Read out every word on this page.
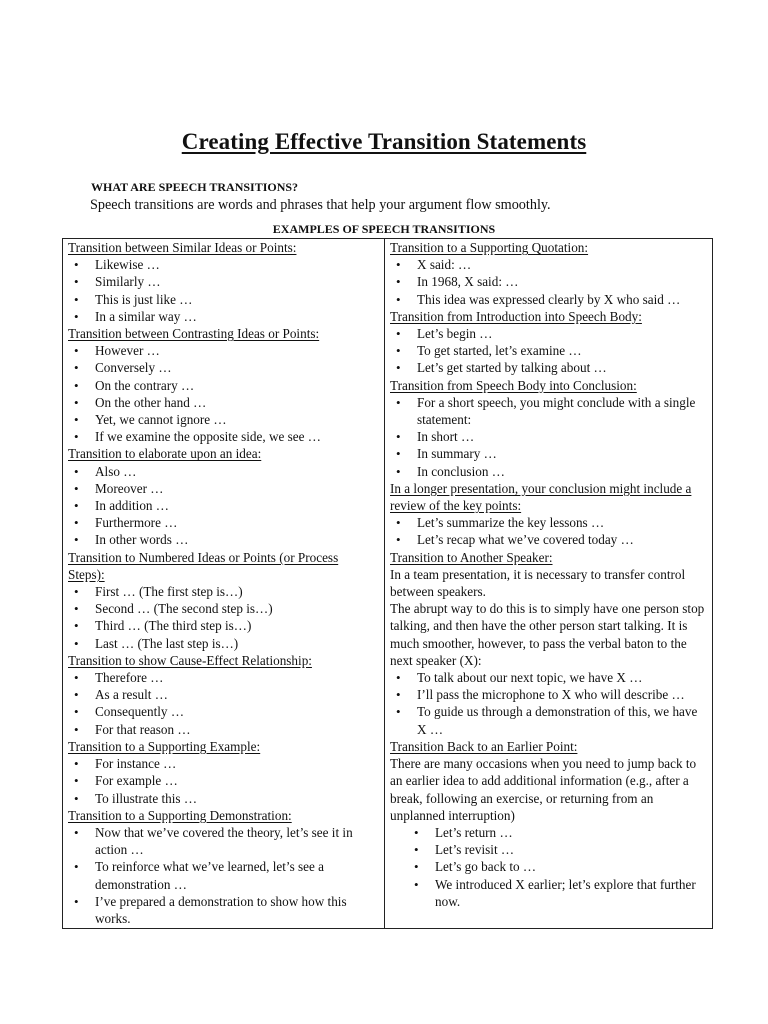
Creating Effective Transition Statements
WHAT ARE SPEECH TRANSITIONS?
Speech transitions are words and phrases that help your argument flow smoothly.
EXAMPLES OF SPEECH TRANSITIONS
Transition between Similar Ideas or Points:
• Likewise …
• Similarly …
• This is just like …
• In a similar way …
Transition between Contrasting Ideas or Points:
• However …
• Conversely …
• On the contrary …
• On the other hand …
• Yet, we cannot ignore …
• If we examine the opposite side, we see …
Transition to elaborate upon an idea:
• Also …
• Moreover …
• In addition …
• Furthermore …
• In other words …
Transition to Numbered Ideas or Points (or Process Steps):
• First … (The first step is…)
• Second … (The second step is…)
• Third … (The third step is…)
• Last … (The last step is…)
Transition to show Cause-Effect Relationship:
• Therefore …
• As a result …
• Consequently …
• For that reason …
Transition to a Supporting Example:
• For instance …
• For example …
• To illustrate this …
Transition to a Supporting Demonstration:
• Now that we’ve covered the theory, let’s see it in action …
• To reinforce what we’ve learned, let’s see a demonstration …
• I’ve prepared a demonstration to show how this works.
Transition to a Supporting Quotation:
• X said: …
• In 1968, X said: …
• This idea was expressed clearly by X who said …
Transition from Introduction into Speech Body:
• Let’s begin …
• To get started, let’s examine …
• Let’s get started by talking about …
Transition from Speech Body into Conclusion:
• For a short speech, you might conclude with a single statement:
• In short …
• In summary …
• In conclusion …
In a longer presentation, your conclusion might include a review of the key points:
• Let’s summarize the key lessons …
• Let’s recap what we’ve covered today …
Transition to Another Speaker:

In a team presentation, it is necessary to transfer control between speakers.

The abrupt way to do this is to simply have one person stop talking, and then have the other person start talking. It is much smoother, however, to pass the verbal baton to the next speaker (X):

• To talk about our next topic, we have X …
• I’ll pass the microphone to X who will describe …
• To guide us through a demonstration of this, we have X …
Transition Back to an Earlier Point:

There are many occasions when you need to jump back to an earlier idea to add additional information (e.g., after a break, following an exercise, or returning from an unplanned interruption)

• Let’s return …
• Let’s revisit …
• Let’s go back to …
• We introduced X earlier; let’s explore that further now.
